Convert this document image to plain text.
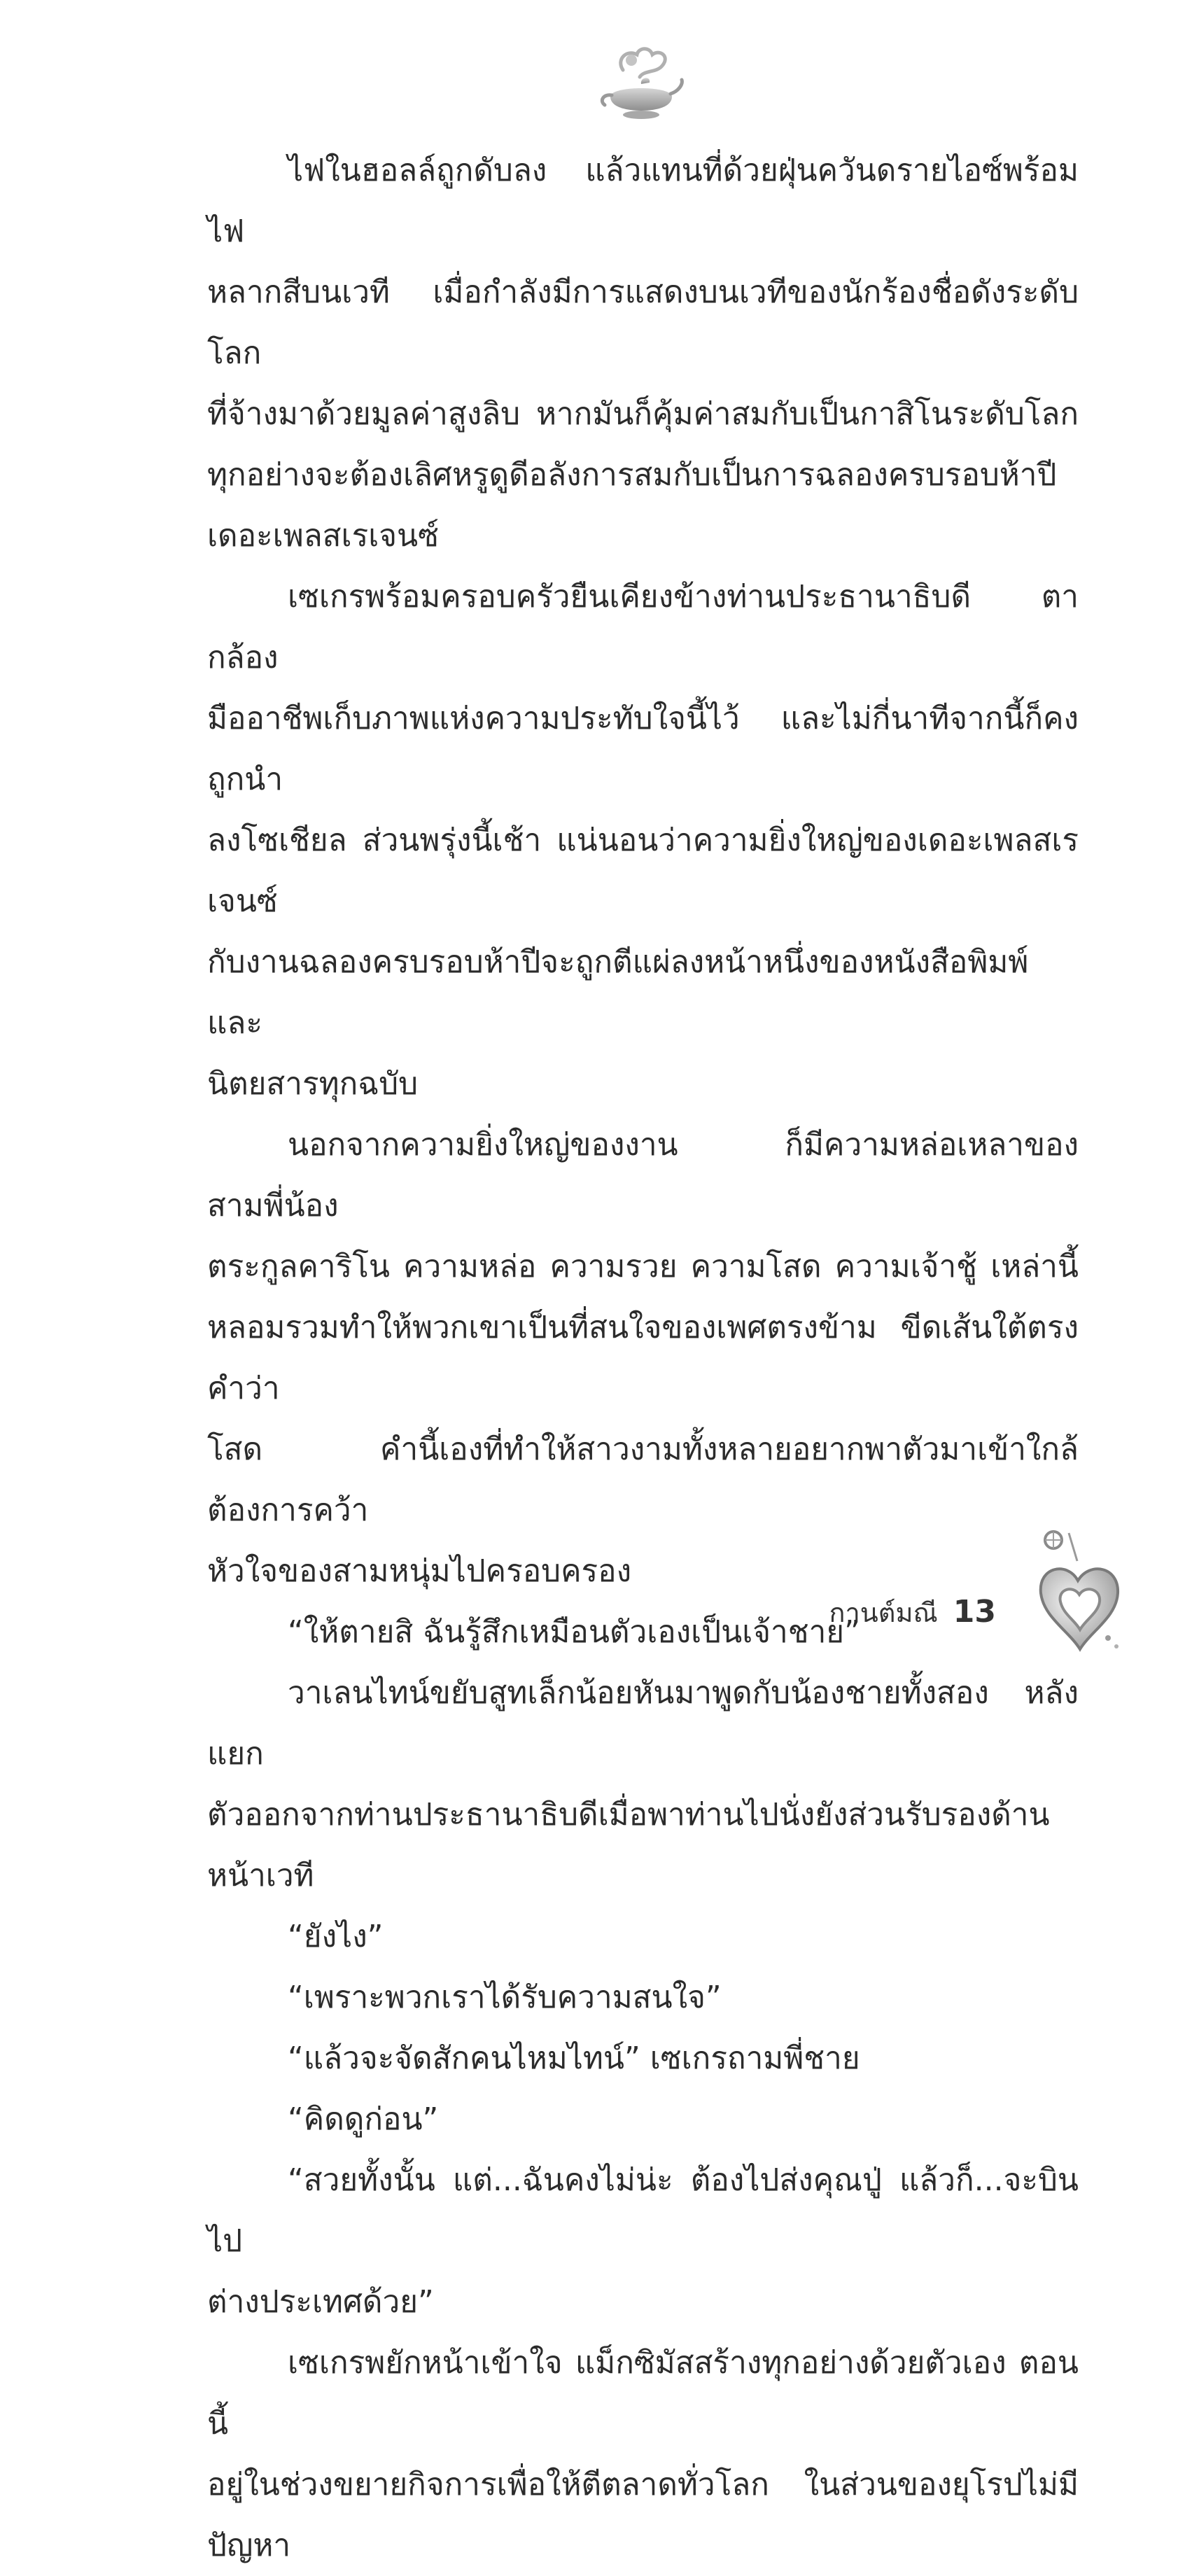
ไฟในฮอลล์ถูกดับลง แล้วแทนที่ด้วยฝุ่นควันดรายไอซ์พร้อมไฟ

หลากสีบนเวที เมื่อกำลังมีการแสดงบนเวทีของนักร้องชื่อดังระดับโลก

ที่จ้างมาด้วยมูลค่าสูงลิบ หากมันก็คุ้มค่าสมกับเป็นกาสิโนระดับโลก

ทุกอย่างจะต้องเลิศหรูดูดีอลังการสมกับเป็นการฉลองครบรอบห้าปี

เดอะเพลสเรเจนซ์

เซเกรพร้อมครอบครัวยืนเคียงข้างท่านประธานาธิบดี ตากล้อง

มืออาชีพเก็บภาพแห่งความประทับใจนี้ไว้ และไม่กี่นาทีจากนี้ก็คงถูกนำ

ลงโซเชียล ส่วนพรุ่งนี้เช้า แน่นอนว่าความยิ่งใหญ่ของเดอะเพลสเรเจนซ์

กับงานฉลองครบรอบห้าปีจะถูกตีแผ่ลงหน้าหนึ่งของหนังสือพิมพ์และ

นิตยสารทุกฉบับ

นอกจากความยิ่งใหญ่ของงาน ก็มีความหล่อเหลาของสามพี่น้อง

ตระกูลคาริโน ความหล่อ ความรวย ความโสด ความเจ้าชู้ เหล่านี้

หลอมรวมทำให้พวกเขาเป็นที่สนใจของเพศตรงข้าม ขีดเส้นใต้ตรงคำว่า

โสด คำนี้เองที่ทำให้สาวงามทั้งหลายอยากพาตัวมาเข้าใกล้ ต้องการคว้า

หัวใจของสามหนุ่มไปครอบครอง

“ให้ตายสิ ฉันรู้สึกเหมือนตัวเองเป็นเจ้าชาย”

วาเลนไทน์ขยับสูทเล็กน้อยหันมาพูดกับน้องชายทั้งสอง หลังแยก

ตัวออกจากท่านประธานาธิบดีเมื่อพาท่านไปนั่งยังส่วนรับรองด้านหน้าเวที

“ยังไง”

“เพราะพวกเราได้รับความสนใจ”

“แล้วจะจัดสักคนไหมไทน์” เซเกรถามพี่ชาย

“คิดดูก่อน”

“สวยทั้งนั้น แต่...ฉันคงไม่น่ะ ต้องไปส่งคุณปู่ แล้วก็...จะบินไป

ต่างประเทศด้วย”

เซเกรพยักหน้าเข้าใจ แม็กซิมัสสร้างทุกอย่างด้วยตัวเอง ตอนนี้

อยู่ในช่วงขยายกิจการเพื่อให้ตีตลาดทั่วโลก ในส่วนของยุโรปไม่มีปัญหา

กานต์มณี 13
